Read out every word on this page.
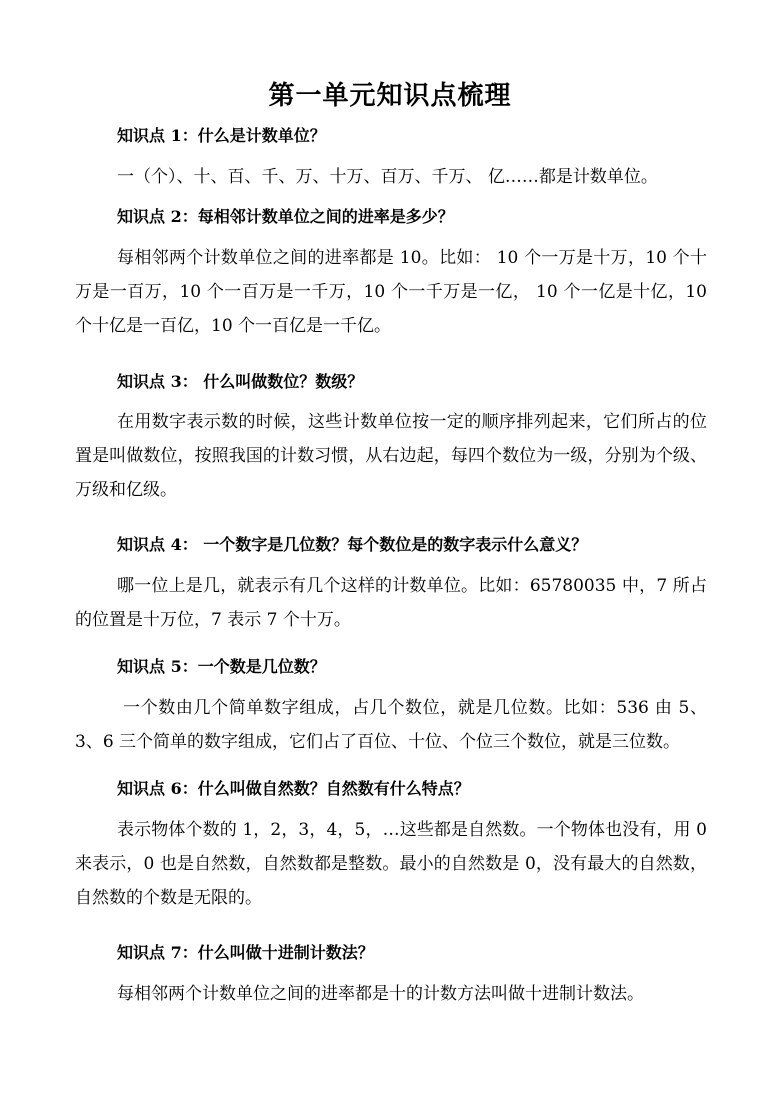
第一单元知识点梳理
知识点 1：什么是计数单位？
一（个）、十、百、千、万、十万、百万、千万、 亿……都是计数单位。
知识点 2：每相邻计数单位之间的进率是多少？
每相邻两个计数单位之间的进率都是 10。比如： 10 个一万是十万，10 个十万是一百万，10 个一百万是一千万，10 个一千万是一亿， 10 个一亿是十亿，10 个十亿是一百亿，10 个一百亿是一千亿。
知识点 3： 什么叫做数位？数级？
在用数字表示数的时候，这些计数单位按一定的顺序排列起来，它们所占的位置是叫做数位，按照我国的计数习惯，从右边起，每四个数位为一级，分别为个级、万级和亿级。
知识点 4： 一个数字是几位数？每个数位是的数字表示什么意义？
哪一位上是几，就表示有几个这样的计数单位。比如：65780035 中，7 所占的位置是十万位，7 表示 7 个十万。
知识点 5：一个数是几位数？
一个数由几个简单数字组成，占几个数位，就是几位数。比如：536 由 5、3、6 三个简单的数字组成，它们占了百位、十位、个位三个数位，就是三位数。
知识点 6：什么叫做自然数？自然数有什么特点？
表示物体个数的 1，2，3，4，5，…这些都是自然数。一个物体也没有，用 0 来表示，0 也是自然数，自然数都是整数。最小的自然数是 0，没有最大的自然数，自然数的个数是无限的。
知识点 7：什么叫做十进制计数法？
每相邻两个计数单位之间的进率都是十的计数方法叫做十进制计数法。
